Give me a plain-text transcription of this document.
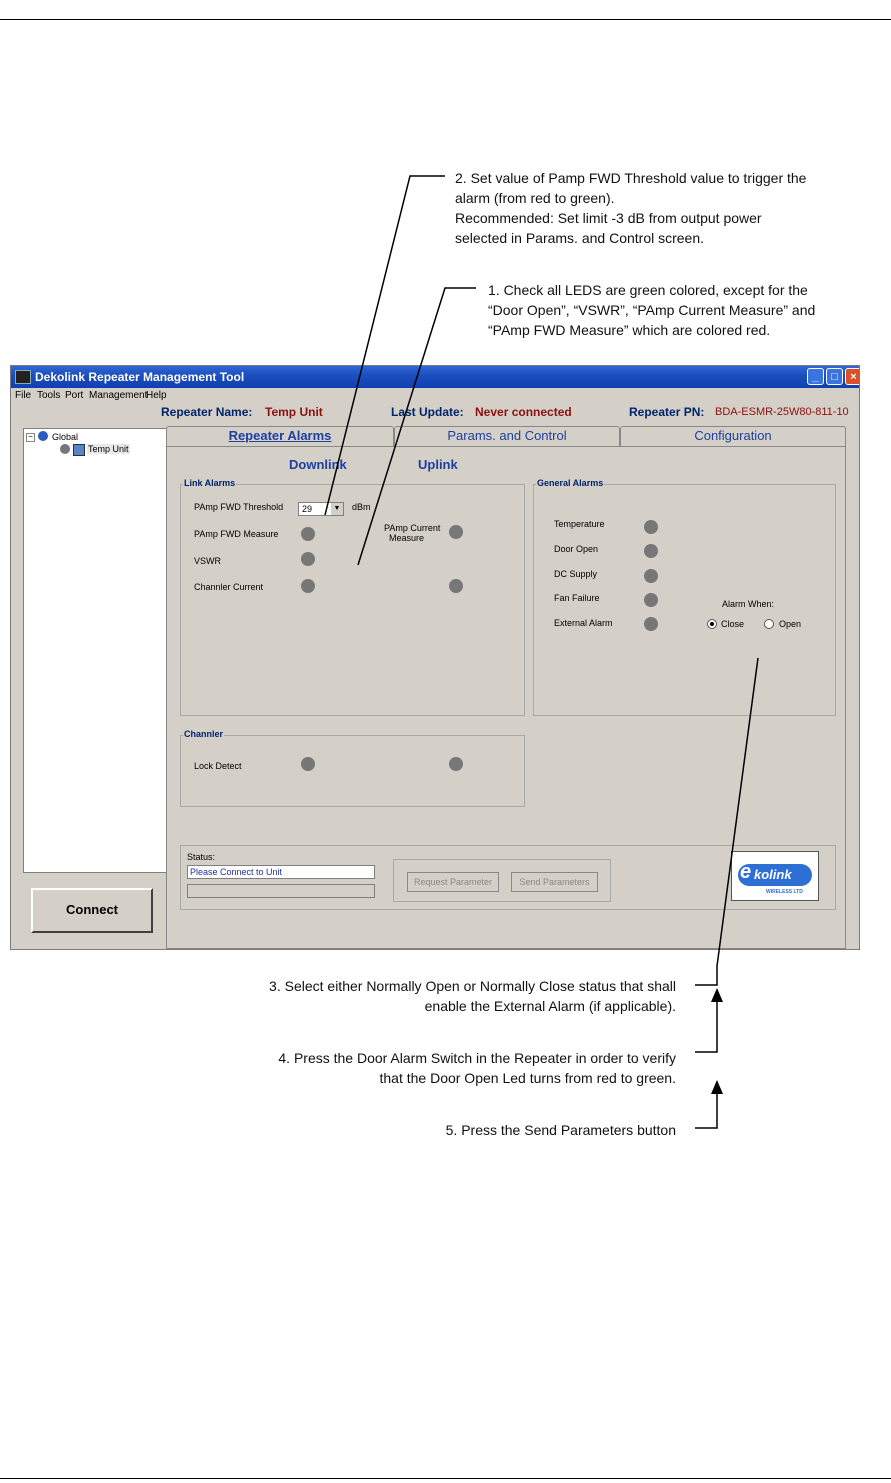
2. Set value of Pamp FWD Threshold value to trigger the
alarm (from red to green).
Recommended: Set limit -3 dB from output power
selected in Params. and Control screen.
1. Check all LEDS are green colored, except for the
“Door Open”, “VSWR”, “PAmp Current Measure” and
“PAmp FWD Measure” which are colored red.
3. Select either Normally Open or Normally Close status that shall
enable the External Alarm (if applicable).
4. Press the Door Alarm Switch in the Repeater in order to verify
that the Door Open Led turns from red to green.
5. Press the Send Parameters button
Dekolink Repeater Management Tool	_	□	×
File Tools Port Management
Help
Repeater Name: Temp Unit	Last Update: Never connected	Repeater PN: BDA-ESMR-25W80-811-10
− Global
Temp Unit
Repeater Alarms	Params. and Control	Configuration
Downlink	Uplink
Link Alarms
PAmp FWD Threshold 29	▼ dBm
PAmp FWD Measure
PAmp Current
Measure
VSWR
Channler Current
General Alarms
Temperature
Door Open
DC Supply
Fan Failure
External Alarm
Alarm When:
Close	Open
Channler
Lock Detect
Status:
Please Connect to Unit
Request Parameter	Send Parameters	kolink
e
WIRELESS LTD
Connect
